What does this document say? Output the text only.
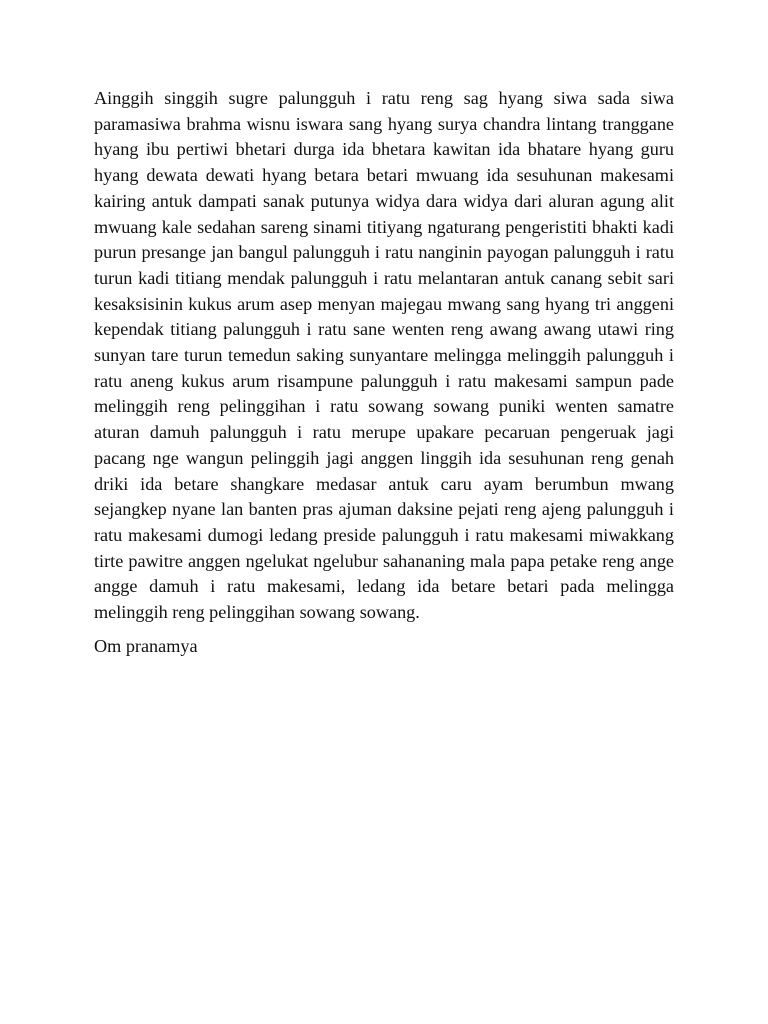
Ainggih singgih sugre palungguh i ratu reng sag hyang siwa sada siwa paramasiwa brahma wisnu iswara sang hyang surya chandra lintang tranggane hyang ibu pertiwi bhetari durga ida bhetara kawitan ida bhatare hyang guru hyang dewata dewati hyang betara betari mwuang ida sesuhunan makesami kairing antuk dampati sanak putunya widya dara widya dari aluran agung alit mwuang kale sedahan sareng sinami titiyang ngaturang pengeristiti bhakti kadi purun presange jan bangul palungguh i ratu nanginin payogan palungguh i ratu turun kadi titiang mendak palungguh i ratu melantaran antuk canang sebit sari kesaksisinin kukus arum asep menyan majegau mwang sang hyang tri anggeni kependak titiang palungguh i ratu sane wenten reng awang awang utawi ring sunyan tare turun temedun saking sunyantare melingga melinggih palungguh i ratu aneng kukus arum risampune palungguh i ratu makesami sampun pade melinggih reng pelinggihan i ratu sowang sowang puniki wenten samatre aturan damuh palungguh i ratu merupe upakare pecaruan pengeruak jagi pacang nge wangun pelinggih jagi anggen linggih ida sesuhunan reng genah driki ida betare shangkare medasar antuk caru ayam berumbun mwang sejangkep nyane lan banten pras ajuman daksine pejati reng ajeng palungguh i ratu makesami dumogi ledang preside palungguh i ratu makesami miwakkang tirte pawitre anggen ngelukat ngelubur sahananing mala papa petake reng ange angge damuh i ratu makesami, ledang ida betare betari pada melingga melinggih reng pelinggihan sowang sowang.

Om pranamya
